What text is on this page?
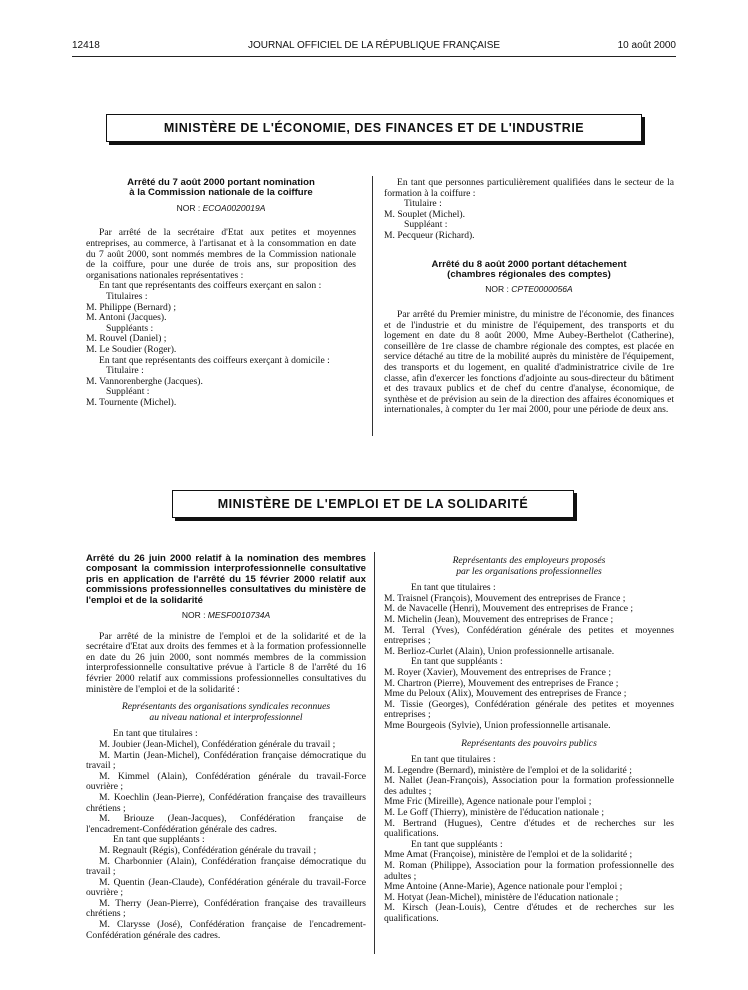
12418	JOURNAL OFFICIEL DE LA RÉPUBLIQUE FRANÇAISE	10 août 2000
MINISTÈRE DE L'ÉCONOMIE, DES FINANCES ET DE L'INDUSTRIE
Arrêté du 7 août 2000 portant nomination
à la Commission nationale de la coiffure
NOR : ECOA0020019A

Par arrêté de la secrétaire d'Etat aux petites et moyennes entreprises, au commerce, à l'artisanat et à la consommation en date du 7 août 2000, sont nommés membres de la Commission nationale de la coiffure, pour une durée de trois ans, sur proposition des organisations nationales représentatives :

En tant que représentants des coiffeurs exerçant en salon :

Titulaires :

M. Philippe (Bernard) ;

M. Antoni (Jacques).

Suppléants :

M. Rouvel (Daniel) ;

M. Le Soudier (Roger).

En tant que représentants des coiffeurs exerçant à domicile :

Titulaire :

M. Vannorenberghe (Jacques).

Suppléant :

M. Tournente (Michel).

En tant que personnes particulièrement qualifiées dans le secteur de la formation à la coiffure :

Titulaire :

M. Souplet (Michel).

Suppléant :

M. Pecqueur (Richard).

Arrêté du 8 août 2000 portant détachement
(chambres régionales des comptes)
NOR : CPTE0000056A

Par arrêté du Premier ministre, du ministre de l'économie, des finances et de l'industrie et du ministre de l'équipement, des transports et du logement en date du 8 août 2000, Mme Aubey-Berthelot (Catherine), conseillère de 1re classe de chambre régionale des comptes, est placée en service détaché au titre de la mobilité auprès du ministère de l'équipement, des transports et du logement, en qualité d'administratrice civile de 1re classe, afin d'exercer les fonctions d'adjointe au sous-directeur du bâtiment et des travaux publics et de chef du centre d'analyse, économique, de synthèse et de prévision au sein de la direction des affaires économiques et internationales, à compter du 1er mai 2000, pour une période de deux ans.

MINISTÈRE DE L'EMPLOI ET DE LA SOLIDARITÉ
Arrêté du 26 juin 2000 relatif à la nomination des membres composant la commission interprofessionnelle consultative pris en application de l'arrêté du 15 février 2000 relatif aux commissions professionnelles consultatives du ministère de l'emploi et de la solidarité
NOR : MESF0010734A

Par arrêté de la ministre de l'emploi et de la solidarité et de la secrétaire d'Etat aux droits des femmes et à la formation professionnelle en date du 26 juin 2000, sont nommés membres de la commission interprofessionnelle consultative prévue à l'article 8 de l'arrêté du 16 février 2000 relatif aux commissions professionnelles consultatives du ministère de l'emploi et de la solidarité :

Représentants des organisations syndicales reconnues
au niveau national et interprofessionnel

En tant que titulaires :

M. Joubier (Jean-Michel), Confédération générale du travail ;

M. Martin (Jean-Michel), Confédération française démocratique du travail ;

M. Kimmel (Alain), Confédération générale du travail-Force ouvrière ;

M. Koechlin (Jean-Pierre), Confédération française des travailleurs chrétiens ;

M. Briouze (Jean-Jacques), Confédération française de l'encadrement-Confédération générale des cadres.

En tant que suppléants :

M. Regnault (Régis), Confédération générale du travail ;

M. Charbonnier (Alain), Confédération française démocratique du travail ;

M. Quentin (Jean-Claude), Confédération générale du travail-Force ouvrière ;

M. Therry (Jean-Pierre), Confédération française des travailleurs chrétiens ;

M. Clarysse (José), Confédération française de l'encadrement-Confédération générale des cadres.

Représentants des employeurs proposés
par les organisations professionnelles

En tant que titulaires :

M. Traisnel (François), Mouvement des entreprises de France ;

M. de Navacelle (Henri), Mouvement des entreprises de France ;

M. Michelin (Jean), Mouvement des entreprises de France ;

M. Terral (Yves), Confédération générale des petites et moyennes entreprises ;

M. Berlioz-Curlet (Alain), Union professionnelle artisanale.

En tant que suppléants :

M. Royer (Xavier), Mouvement des entreprises de France ;

M. Chartron (Pierre), Mouvement des entreprises de France ;

Mme du Peloux (Alix), Mouvement des entreprises de France ;

M. Tissie (Georges), Confédération générale des petites et moyennes entreprises ;

Mme Bourgeois (Sylvie), Union professionnelle artisanale.

Représentants des pouvoirs publics

En tant que titulaires :

M. Legendre (Bernard), ministère de l'emploi et de la solidarité ;

M. Nallet (Jean-François), Association pour la formation professionnelle des adultes ;

Mme Fric (Mireille), Agence nationale pour l'emploi ;

M. Le Goff (Thierry), ministère de l'éducation nationale ;

M. Bertrand (Hugues), Centre d'études et de recherches sur les qualifications.

En tant que suppléants :

Mme Amat (Françoise), ministère de l'emploi et de la solidarité ;

M. Roman (Philippe), Association pour la formation professionnelle des adultes ;

Mme Antoine (Anne-Marie), Agence nationale pour l'emploi ;

M. Hotyat (Jean-Michel), ministère de l'éducation nationale ;

M. Kirsch (Jean-Louis), Centre d'études et de recherches sur les qualifications.
